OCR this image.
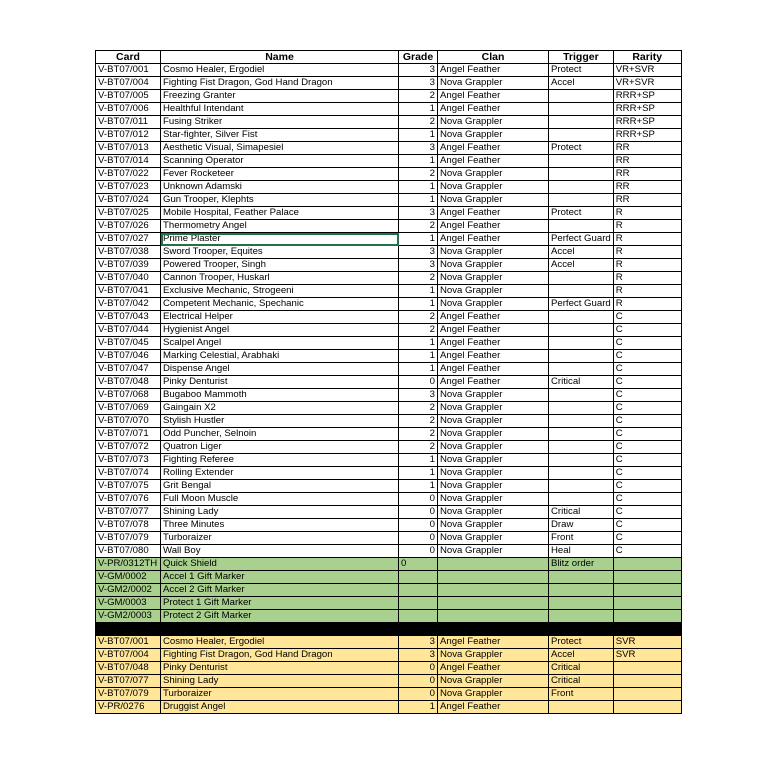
Card	Name	Grade	Clan	Trigger	Rarity
V-BT07/001	Cosmo Healer, Ergodiel	3	Angel Feather	Protect	VR+SVR
V-BT07/004	Fighting Fist Dragon, God Hand Dragon	3	Nova Grappler	Accel	VR+SVR
V-BT07/005	Freezing Granter	2	Angel Feather		RRR+SP
V-BT07/006	Healthful Intendant	1	Angel Feather		RRR+SP
V-BT07/011	Fusing Striker	2	Nova Grappler		RRR+SP
V-BT07/012	Star-fighter, Silver Fist	1	Nova Grappler		RRR+SP
V-BT07/013	Aesthetic Visual, Simapesiel	3	Angel Feather	Protect	RR
V-BT07/014	Scanning Operator	1	Angel Feather		RR
V-BT07/022	Fever Rocketeer	2	Nova Grappler		RR
V-BT07/023	Unknown Adamski	1	Nova Grappler		RR
V-BT07/024	Gun Trooper, Klephts	1	Nova Grappler		RR
V-BT07/025	Mobile Hospital, Feather Palace	3	Angel Feather	Protect	R
V-BT07/026	Thermometry Angel	2	Angel Feather		R
V-BT07/027	Prime Plaster	1	Angel Feather	Perfect Guard	R
V-BT07/038	Sword Trooper, Equites	3	Nova Grappler	Accel	R
V-BT07/039	Powered Trooper, Singh	3	Nova Grappler	Accel	R
V-BT07/040	Cannon Trooper, Huskarl	2	Nova Grappler		R
V-BT07/041	Exclusive Mechanic, Strogeeni	1	Nova Grappler		R
V-BT07/042	Competent Mechanic, Spechanic	1	Nova Grappler	Perfect Guard	R
V-BT07/043	Electrical Helper	2	Angel Feather		C
V-BT07/044	Hygienist Angel	2	Angel Feather		C
V-BT07/045	Scalpel Angel	1	Angel Feather		C
V-BT07/046	Marking Celestial, Arabhaki	1	Angel Feather		C
V-BT07/047	Dispense Angel	1	Angel Feather		C
V-BT07/048	Pinky Denturist	0	Angel Feather	Critical	C
V-BT07/068	Bugaboo Mammoth	3	Nova Grappler		C
V-BT07/069	Gaingain X2	2	Nova Grappler		C
V-BT07/070	Stylish Hustler	2	Nova Grappler		C
V-BT07/071	Odd Puncher, Selnoin	2	Nova Grappler		C
V-BT07/072	Quatron Liger	2	Nova Grappler		C
V-BT07/073	Fighting Referee	1	Nova Grappler		C
V-BT07/074	Rolling Extender	1	Nova Grappler		C
V-BT07/075	Grit Bengal	1	Nova Grappler		C
V-BT07/076	Full Moon Muscle	0	Nova Grappler		C
V-BT07/077	Shining Lady	0	Nova Grappler	Critical	C
V-BT07/078	Three Minutes	0	Nova Grappler	Draw	C
V-BT07/079	Turboraizer	0	Nova Grappler	Front	C
V-BT07/080	Wall Boy	0	Nova Grappler	Heal	C
V-PR/0312TH	Quick Shield	0		Blitz order	
V-GM/0002	Accel 1 Gift Marker				
V-GM2/0002	Accel 2 Gift Marker				
V-GM/0003	Protect 1 Gift Marker				
V-GM2/0003	Protect 2 Gift Marker				
Random 1 Hologram card in back box					
V-BT07/001	Cosmo Healer, Ergodiel	3	Angel Feather	Protect	SVR
V-BT07/004	Fighting Fist Dragon, God Hand Dragon	3	Nova Grappler	Accel	SVR
V-BT07/048	Pinky Denturist	0	Angel Feather	Critical	
V-BT07/077	Shining Lady	0	Nova Grappler	Critical	
V-BT07/079	Turboraizer	0	Nova Grappler	Front	
V-PR/0276	Druggist Angel	1	Angel Feather		
